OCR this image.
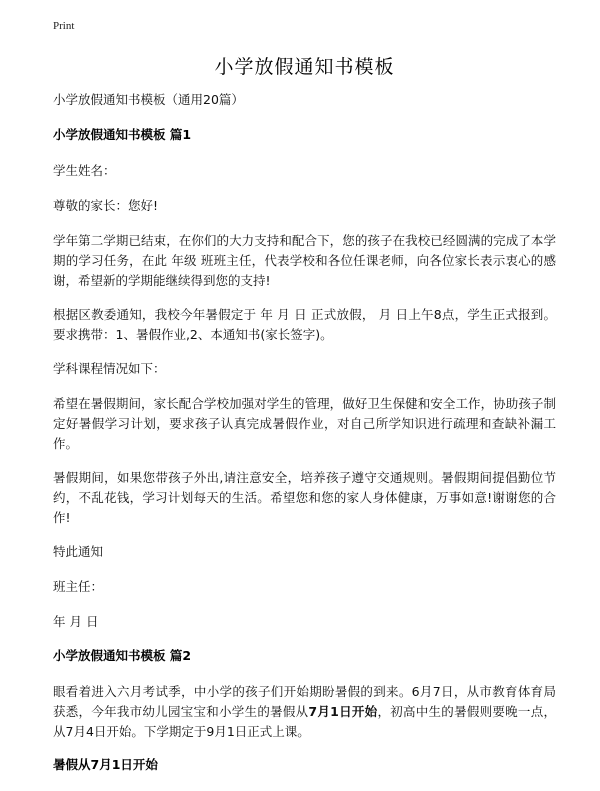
Print
小学放假通知书模板
小学放假通知书模板（通用20篇）
小学放假通知书模板 篇1
学生姓名：
尊敬的家长：您好!
学年第二学期已结束，在你们的大力支持和配合下，您的孩子在我校已经圆满的完成了本学期的学习任务，在此 年级 班班主任，代表学校和各位任课老师，向各位家长表示衷心的感谢，希望新的学期能继续得到您的支持!
根据区教委通知，我校今年暑假定于 年 月 日 正式放假， 月 日上午8点，学生正式报到。要求携带：1、暑假作业,2、本通知书(家长签字)。
学科课程情况如下：
希望在暑假期间，家长配合学校加强对学生的管理，做好卫生保健和安全工作，协助孩子制定好暑假学习计划，要求孩子认真完成暑假作业，对自己所学知识进行疏理和查缺补漏工作。
暑假期间，如果您带孩子外出,请注意安全，培养孩子遵守交通规则。暑假期间提倡勤位节约，不乱花钱，学习计划每天的生活。希望您和您的家人身体健康，万事如意!谢谢您的合作!
特此通知
班主任：
年 月 日
小学放假通知书模板 篇2
眼看着进入六月考试季，中小学的孩子们开始期盼暑假的到来。6月7日，从市教育体育局获悉，今年我市幼儿园宝宝和小学生的暑假从7月1日开始，初高中生的暑假则要晚一点，从7月4日开始。下学期定于9月1日正式上课。
暑假从7月1日开始
